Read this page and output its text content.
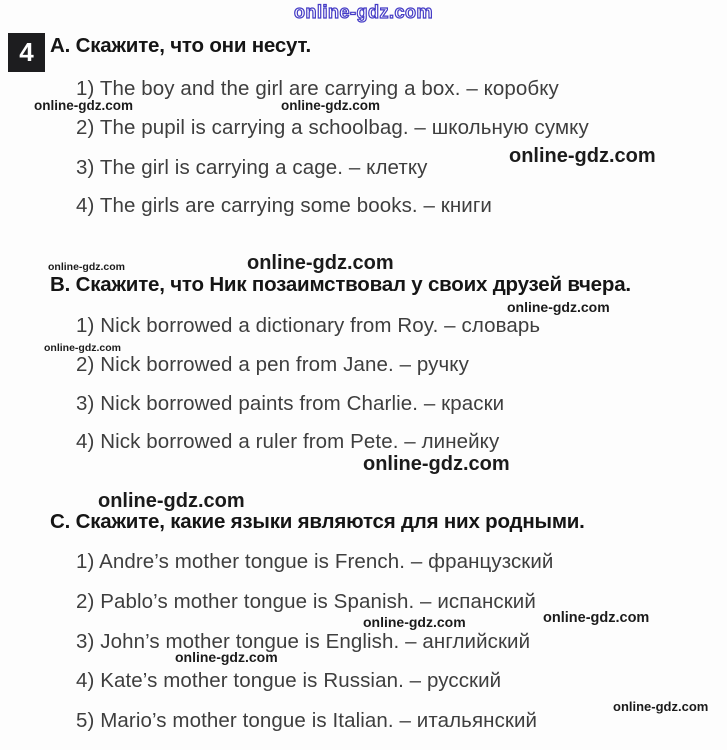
online-gdz.com
4 А. Скажите, что они несут.
1) The boy and the girl are carrying a box. – коробку
2) The pupil is carrying a schoolbag. – школьную сумку
3) The girl is carrying a cage. – клетку
4) The girls are carrying some books. – книги
online-gdz.com	online-gdz.com
online-gdz.com
online-gdz.com	online-gdz.com
В. Скажите, что Ник позаимствовал у своих друзей вчера.
online-gdz.com
1) Nick borrowed a dictionary from Roy. – словарь
online-gdz.com
2) Nick borrowed a pen from Jane. – ручку
3) Nick borrowed paints from Charlie. – краски
4) Nick borrowed a ruler from Pete. – линейку
online-gdz.com
online-gdz.com
С. Скажите, какие языки являются для них родными.
1) Andre’s mother tongue is French. – французский
2) Pablo’s mother tongue is Spanish. – испанский
online-gdz.com	online-gdz.com
3) John’s mother tongue is English. – английский
online-gdz.com
4) Kate’s mother tongue is Russian. – русский
online-gdz.com
5) Mario’s mother tongue is Italian. – итальянский
